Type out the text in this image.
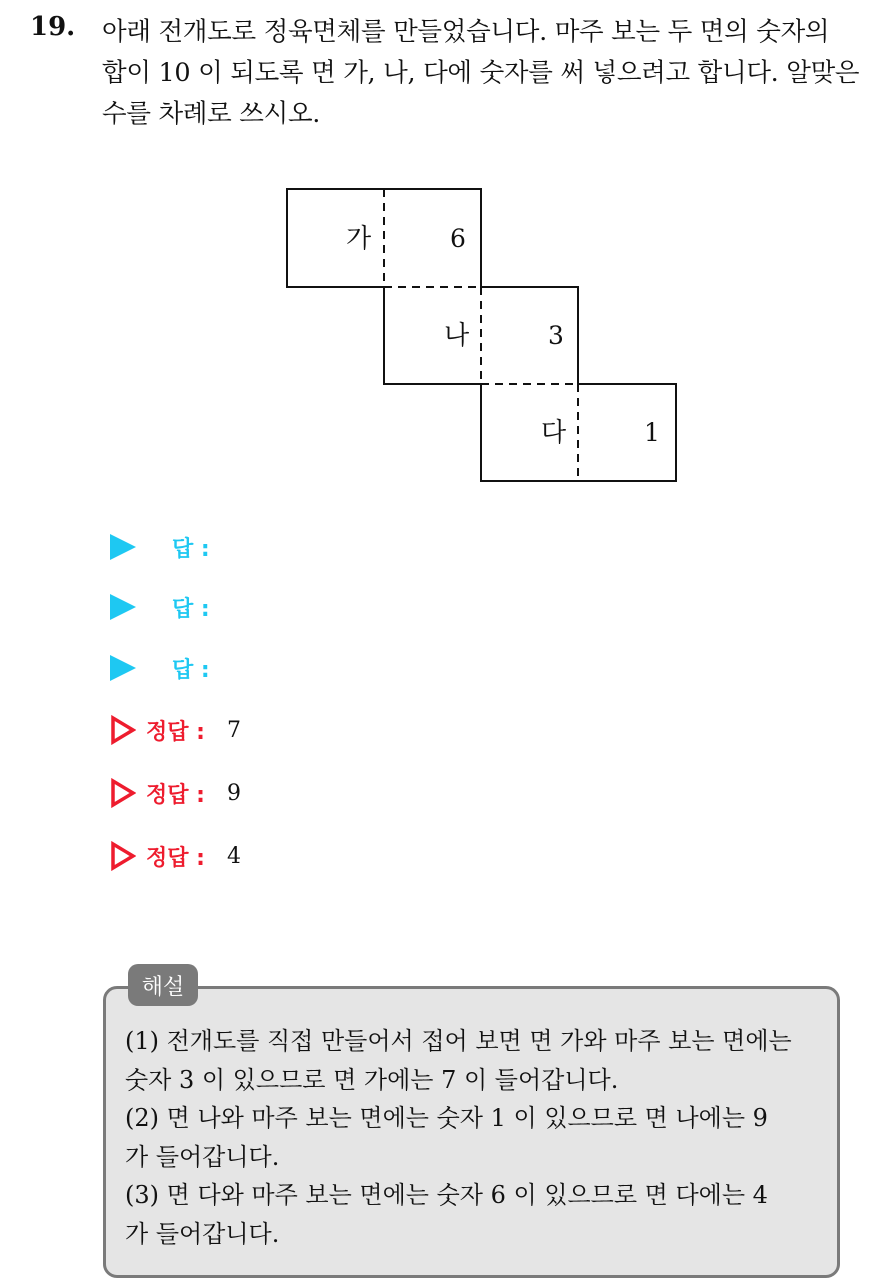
19. 아래 전개도로 정육면체를 만들었습니다. 마주 보는 두 면의 숫자의
합이 10 이 되도록 면 가, 나, 다에 숫자를 써 넣으려고 합니다. 알맞은
수를 차례로 쓰시오.
가	6
나	3
다	1
답 :
답 :
답 :
정답 : 7
정답 : 9
정답 : 4
해설
(1) 전개도를 직접 만들어서 접어 보면 면 가와 마주 보는 면에는
숫자 3 이 있으므로 면 가에는 7 이 들어갑니다.
(2) 면 나와 마주 보는 면에는 숫자 1 이 있으므로 면 나에는 9
가 들어갑니다.
(3) 면 다와 마주 보는 면에는 숫자 6 이 있으므로 면 다에는 4
가 들어갑니다.
